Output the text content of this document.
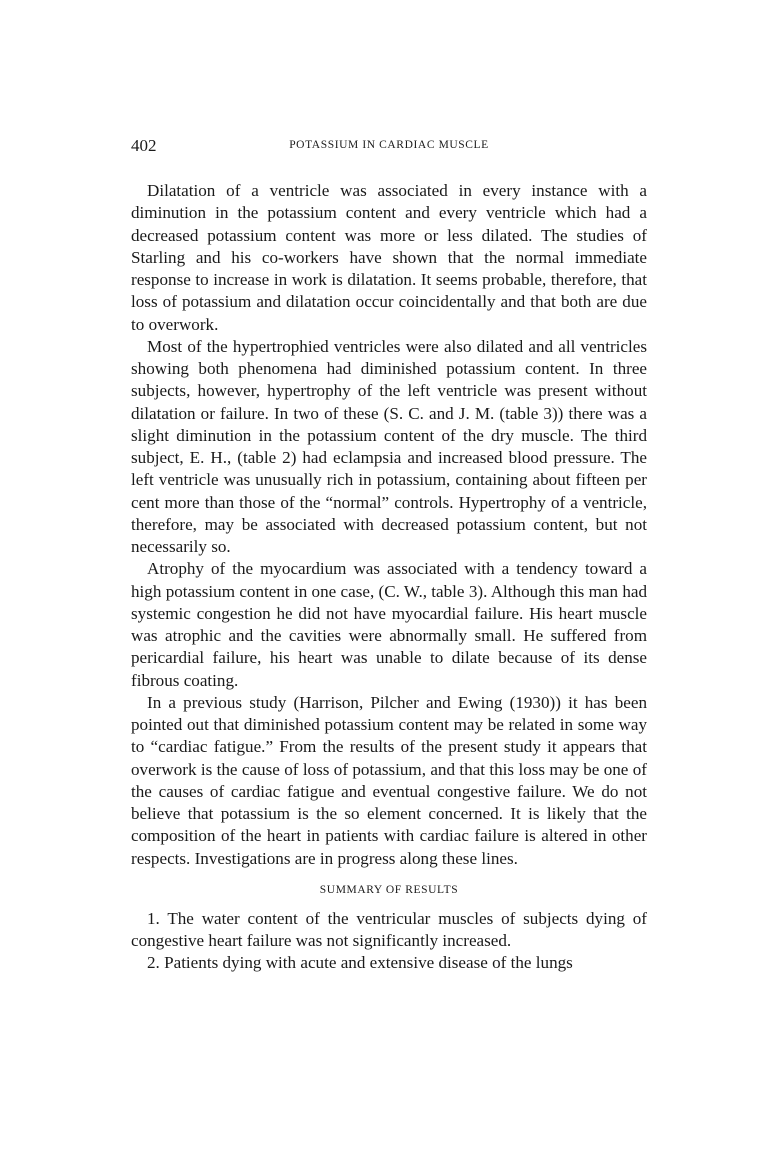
402	POTASSIUM IN CARDIAC MUSCLE

Dilatation of a ventricle was associated in every instance with a diminution in the potassium content and every ventricle which had a decreased potassium content was more or less dilated. The studies of Starling and his co-workers have shown that the normal immediate response to increase in work is dilatation. It seems probable, therefore, that loss of potassium and dilatation occur coincidentally and that both are due to overwork.

Most of the hypertrophied ventricles were also dilated and all ventricles showing both phenomena had diminished potassium content. In three subjects, however, hypertrophy of the left ventricle was present without dilatation or failure. In two of these (S. C. and J. M. (table 3)) there was a slight diminution in the potassium content of the dry muscle. The third subject, E. H., (table 2) had eclampsia and increased blood pressure. The left ventricle was unusually rich in potassium, containing about fifteen per cent more than those of the “normal” controls. Hypertrophy of a ventricle, therefore, may be associated with decreased potassium content, but not necessarily so.

Atrophy of the myocardium was associated with a tendency toward a high potassium content in one case, (C. W., table 3). Although this man had systemic congestion he did not have myocardial failure. His heart muscle was atrophic and the cavities were abnormally small. He suffered from pericardial failure, his heart was unable to dilate because of its dense fibrous coating.

In a previous study (Harrison, Pilcher and Ewing (1930)) it has been pointed out that diminished potassium content may be related in some way to “cardiac fatigue.” From the results of the present study it appears that overwork is the cause of loss of potassium, and that this loss may be one of the causes of cardiac fatigue and eventual congestive failure. We do not believe that potassium is the so element concerned. It is likely that the composition of the heart in patients with cardiac failure is altered in other respects. Investigations are in progress along these lines.

SUMMARY OF RESULTS

1. The water content of the ventricular muscles of subjects dying of congestive heart failure was not significantly increased.

2. Patients dying with acute and extensive disease of the lungs
